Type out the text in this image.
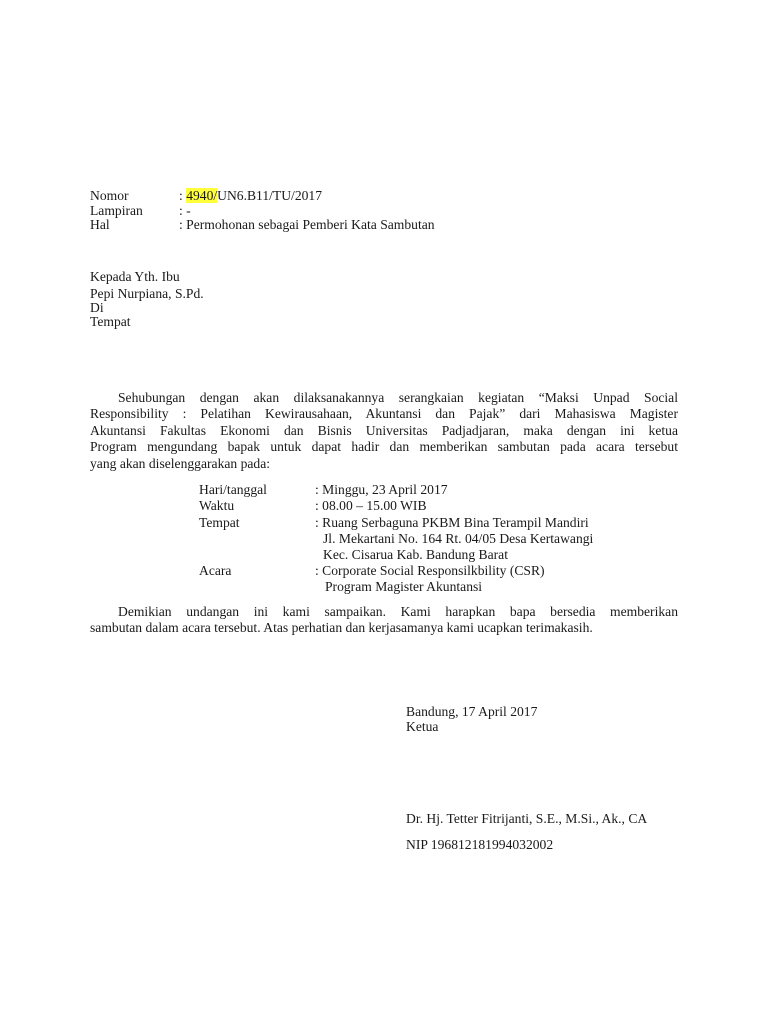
Nomor	: 4940/UN6.B11/TU/2017
Lampiran	: -
Hal	: Permohonan sebagai Pemberi Kata Sambutan
Kepada Yth. Ibu
Pepi Nurpiana, S.Pd.
Di
Tempat
Sehubungan dengan akan dilaksanakannya serangkaian kegiatan “Maksi Unpad Social
Responsibility : Pelatihan Kewirausahaan, Akuntansi dan Pajak” dari Mahasiswa Magister
Akuntansi Fakultas Ekonomi dan Bisnis Universitas Padjadjaran, maka dengan ini ketua
Program mengundang bapak untuk dapat hadir dan memberikan sambutan pada acara tersebut
yang akan diselenggarakan pada:
Hari/tanggal	: Minggu, 23 April 2017
Waktu	: 08.00 – 15.00 WIB
Tempat	: Ruang Serbaguna PKBM Bina Terampil Mandiri
Jl. Mekartani No. 164 Rt. 04/05 Desa Kertawangi
Kec. Cisarua Kab. Bandung Barat
Acara	: Corporate Social Responsilkbility (CSR)
Program Magister Akuntansi
Demikian undangan ini kami sampaikan. Kami harapkan bapa bersedia memberikan
sambutan dalam acara tersebut. Atas perhatian dan kerjasamanya kami ucapkan terimakasih.
Bandung, 17 April 2017
Ketua
Dr. Hj. Tetter Fitrijanti, S.E., M.Si., Ak., CA
NIP 196812181994032002
